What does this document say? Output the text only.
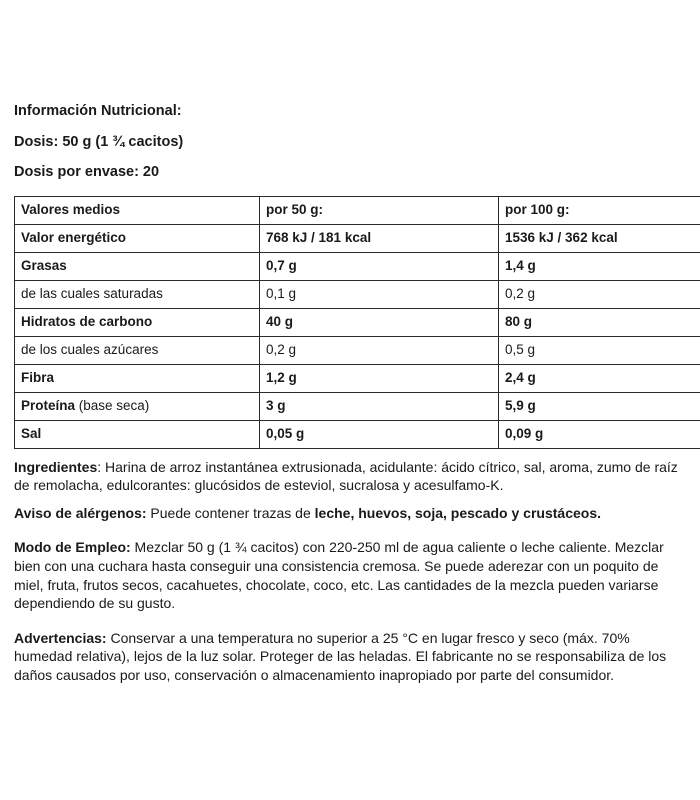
Información Nutricional:
Dosis: 50 g (1 ¾ cacitos)
Dosis por envase: 20
Valores medios	por 50 g:	por 100 g:
Valor energético	768 kJ / 181 kcal	1536 kJ / 362 kcal
Grasas	0,7 g	1,4 g
de las cuales saturadas	0,1 g	0,2 g
Hidratos de carbono	40 g	80 g
de los cuales azúcares	0,2 g	0,5 g
Fibra	1,2 g	2,4 g
Proteína (base seca)	3 g	5,9 g
Sal	0,05 g	0,09 g
Ingredientes: Harina de arroz instantánea extrusionada, acidulante: ácido cítrico, sal, aroma, zumo de raíz de remolacha, edulcorantes: glucósidos de esteviol, sucralosa y acesulfamo-K.
Aviso de alérgenos: Puede contener trazas de leche, huevos, soja, pescado y crustáceos.
Modo de Empleo: Mezclar 50 g (1 ¾ cacitos) con 220-250 ml de agua caliente o leche caliente. Mezclar bien con una cuchara hasta conseguir una consistencia cremosa. Se puede aderezar con un poquito de miel, fruta, frutos secos, cacahuetes, chocolate, coco, etc. Las cantidades de la mezcla pueden variarse dependiendo de su gusto.
Advertencias: Conservar a una temperatura no superior a 25 °C en lugar fresco y seco (máx. 70% humedad relativa), lejos de la luz solar. Proteger de las heladas. El fabricante no se responsabiliza de los daños causados por uso, conservación o almacenamiento inapropiado por parte del consumidor.
